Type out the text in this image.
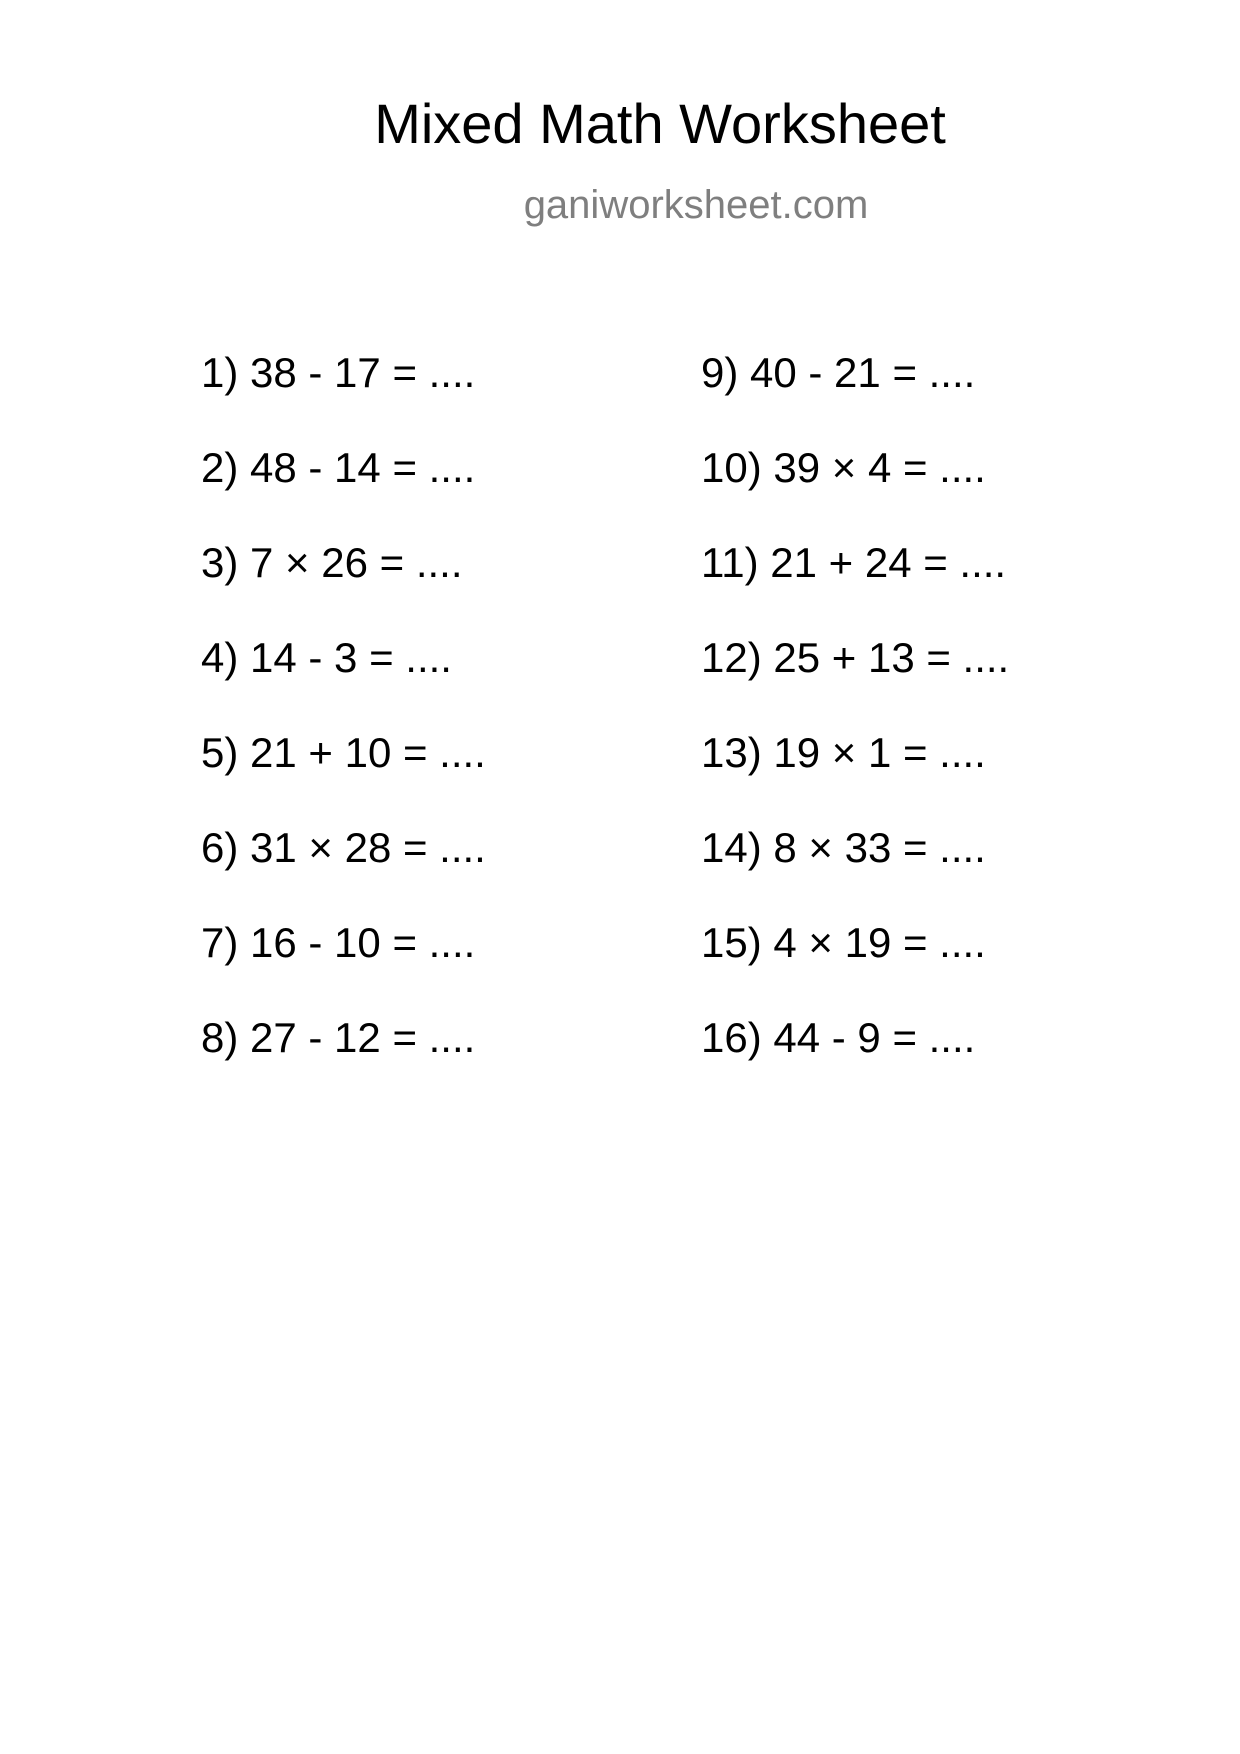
Mixed Math Worksheet
ganiworksheet.com
1) 38 - 17 = ....
2) 48 - 14 = ....
3) 7 × 26 = ....
4) 14 - 3 = ....
5) 21 + 10 = ....
6) 31 × 28 = ....
7) 16 - 10 = ....
8) 27 - 12 = ....
9) 40 - 21 = ....
10) 39 × 4 = ....
11) 21 + 24 = ....
12) 25 + 13 = ....
13) 19 × 1 = ....
14) 8 × 33 = ....
15) 4 × 19 = ....
16) 44 - 9 = ....
